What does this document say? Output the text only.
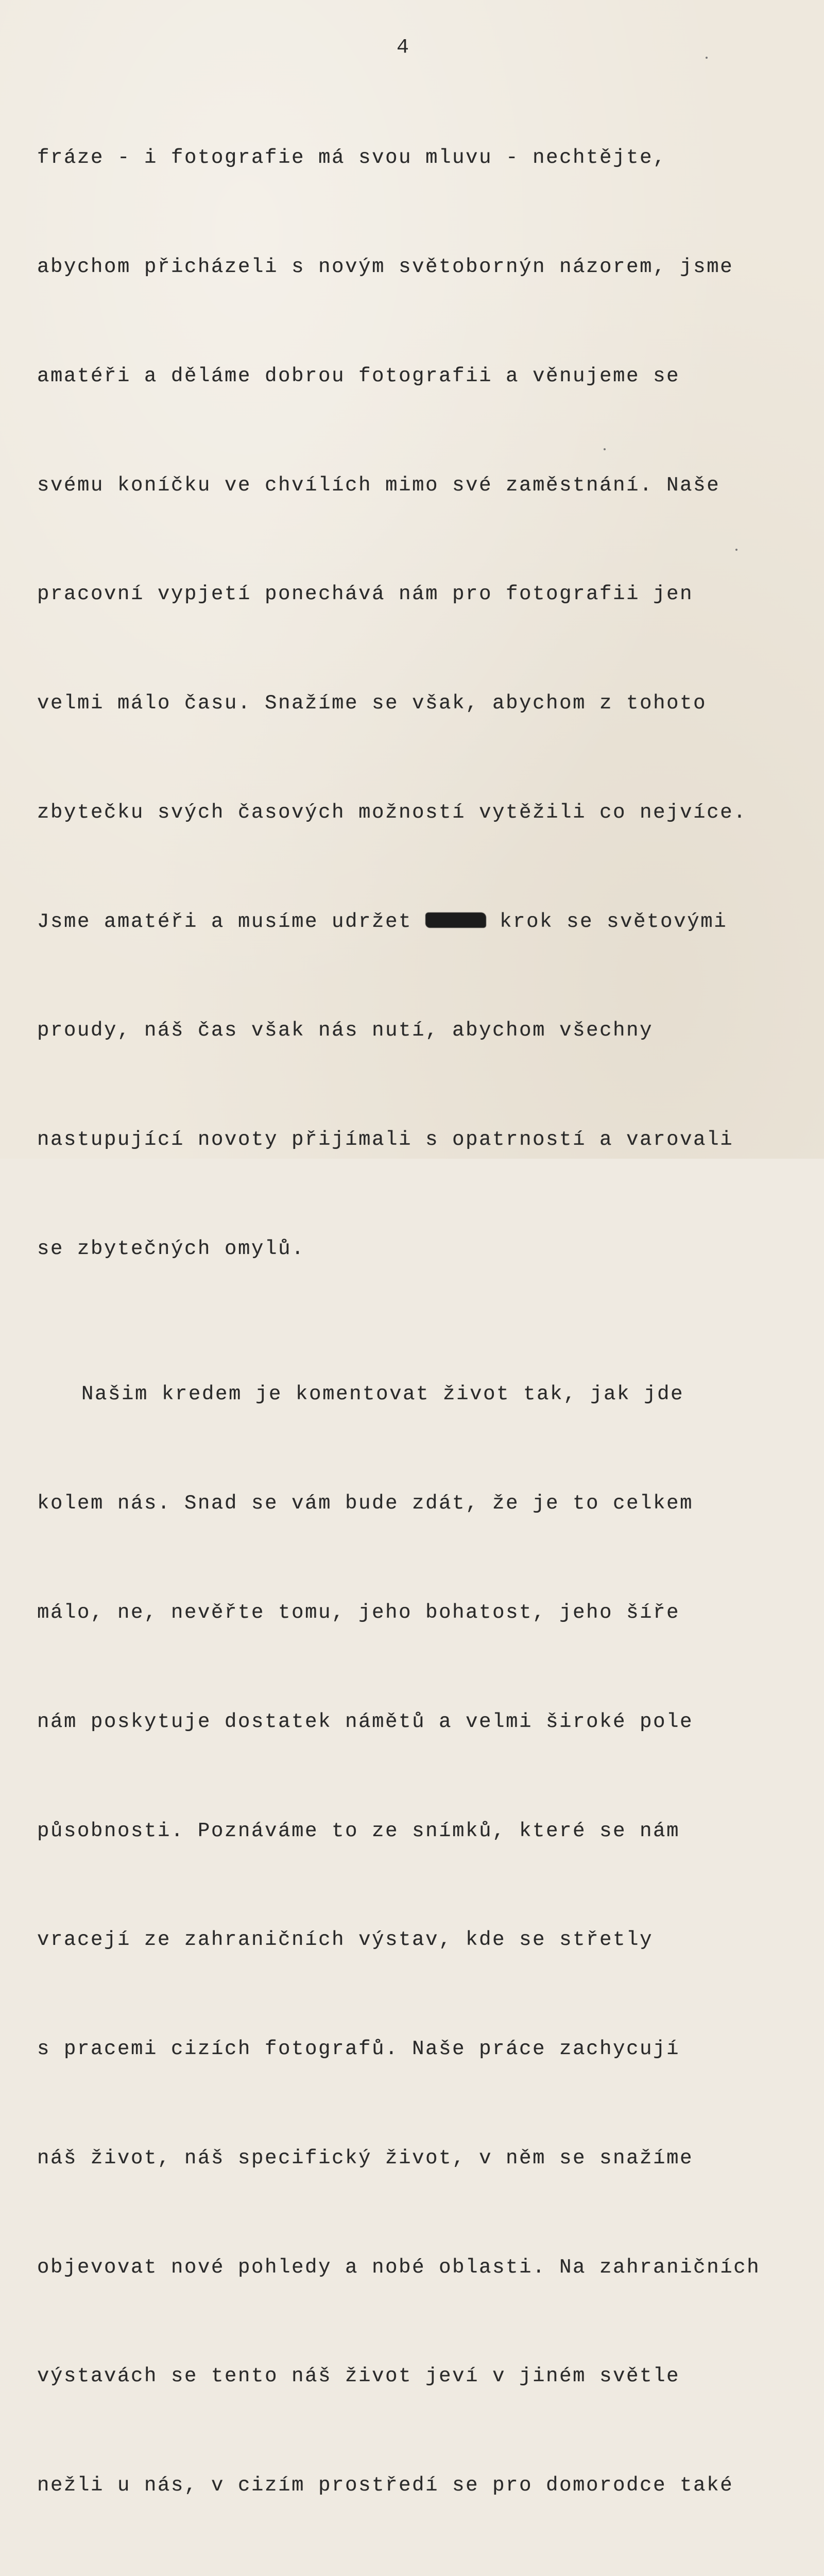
4

fráze - i fotografie má svou mluvu - nechtějte,

abychom přicházeli s novým světobornýn názorem, jsme

amatéři a děláme dobrou fotografii a věnujeme se

svému koníčku ve chvílích mimo své zaměstnání. Naše

pracovní vypjetí ponechává nám pro fotografii jen

velmi málo času. Snažíme se však, abychom z tohoto

zbytečku svých časových možností vytěžili co nejvíce.

Jsme amatéři a musíme udržet	krok se světovými

proudy, náš čas však nás nutí, abychom všechny

nastupující novoty přijímali s opatrností a varovali

se zbytečných omylů.

Našim kredem je komentovat život tak, jak jde

kolem nás. Snad se vám bude zdát, že je to celkem

málo, ne, nevěřte tomu, jeho bohatost, jeho šíře

nám poskytuje dostatek námětů a velmi široké pole

působnosti. Poznáváme to ze snímků, které se nám

vracejí ze zahraničních výstav, kde se střetly

s pracemi cizích fotografů. Naše práce zachycují

náš život, náš specifický život, v něm se snažíme

objevovat nové pohledy a nobé oblasti. Na zahraničních

výstavách se tento náš život jeví v jiném světle

nežli u nás, v cizím prostředí se pro domorodce také
